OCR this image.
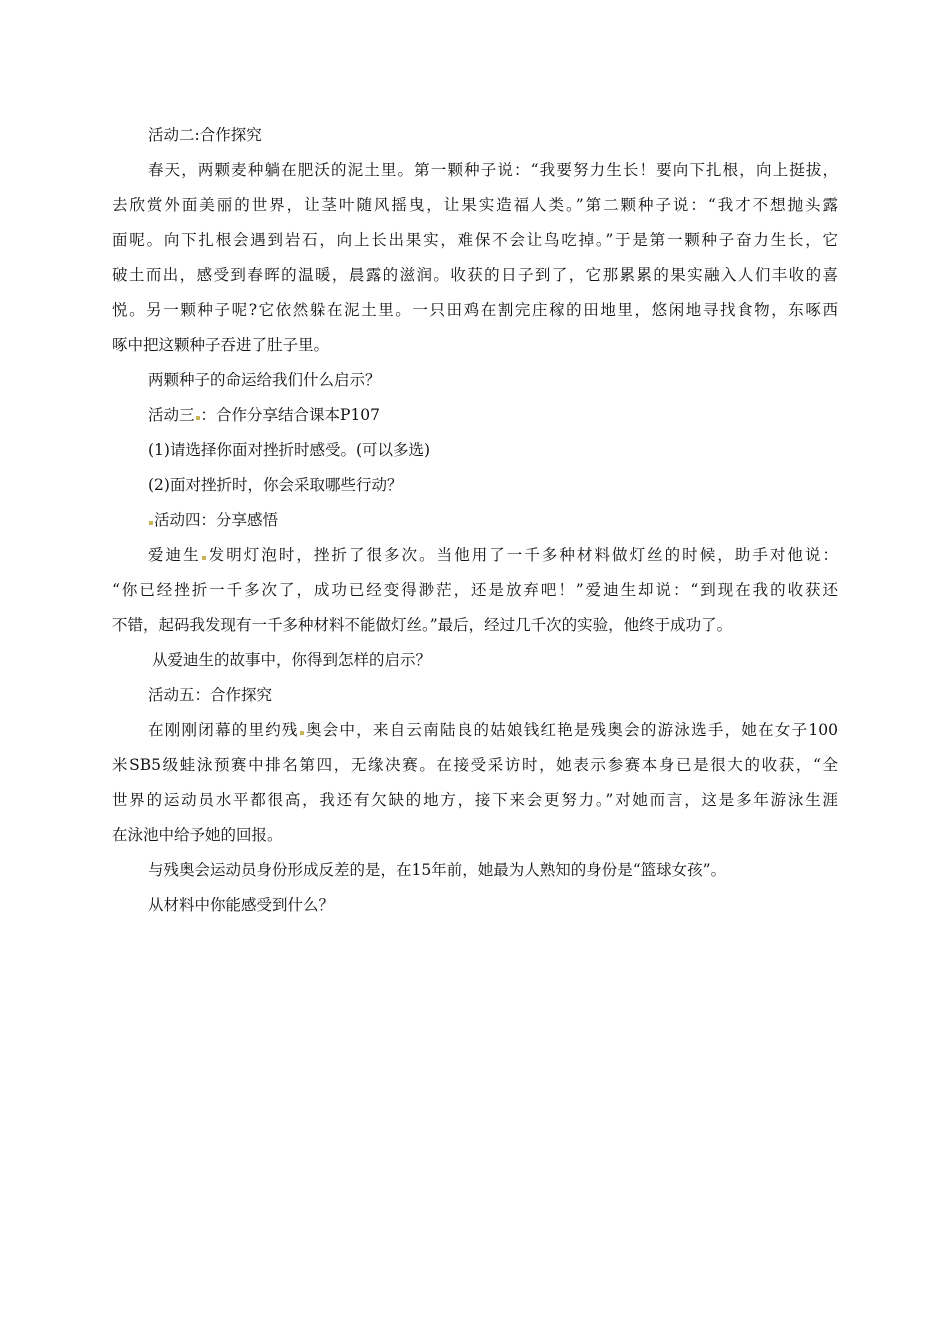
活动二:合作探究
春天，两颗麦种躺在肥沃的泥土里。第一颗种子说：“我要努力生长！要向下扎根，向上挺拔，
去欣赏外面美丽的世界，让茎叶随风摇曳，让果实造福人类。”第二颗种子说：“我才不想抛头露
面呢。向下扎根会遇到岩石，向上长出果实，难保不会让鸟吃掉。”于是第一颗种子奋力生长，它
破土而出，感受到春晖的温暖，晨露的滋润。收获的日子到了，它那累累的果实融入人们丰收的喜
悦。另一颗种子呢?它依然躲在泥土里。一只田鸡在割完庄稼的田地里，悠闲地寻找食物，东啄西
啄中把这颗种子吞进了肚子里。
两颗种子的命运给我们什么启示？
活动三 ：合作分享结合课本P107
(1)请选择你面对挫折时感受。(可以多选)
(2)面对挫折时，你会采取哪些行动？
活动四：分享感悟
爱迪生 发明灯泡时，挫折了很多次。当他用了一千多种材料做灯丝的时候，助手对他说：
“你已经挫折一千多次了，成功已经变得渺茫，还是放弃吧！”爱迪生却说：“到现在我的收获还
不错，起码我发现有一千多种材料不能做灯丝。”最后，经过几千次的实验，他终于成功了。
从爱迪生的故事中，你得到怎样的启示？
活动五：合作探究
在刚刚闭幕的里约残 奥会中，来自云南陆良的姑娘钱红艳是残奥会的游泳选手，她在女子100
米SB5级蛙泳预赛中排名第四，无缘决赛。在接受采访时，她表示参赛本身已是很大的收获，“全
世界的运动员水平都很高，我还有欠缺的地方，接下来会更努力。”对她而言，这是多年游泳生涯
在泳池中给予她的回报。
与残奥会运动员身份形成反差的是，在15年前，她最为人熟知的身份是“篮球女孩”。
从材料中你能感受到什么？
